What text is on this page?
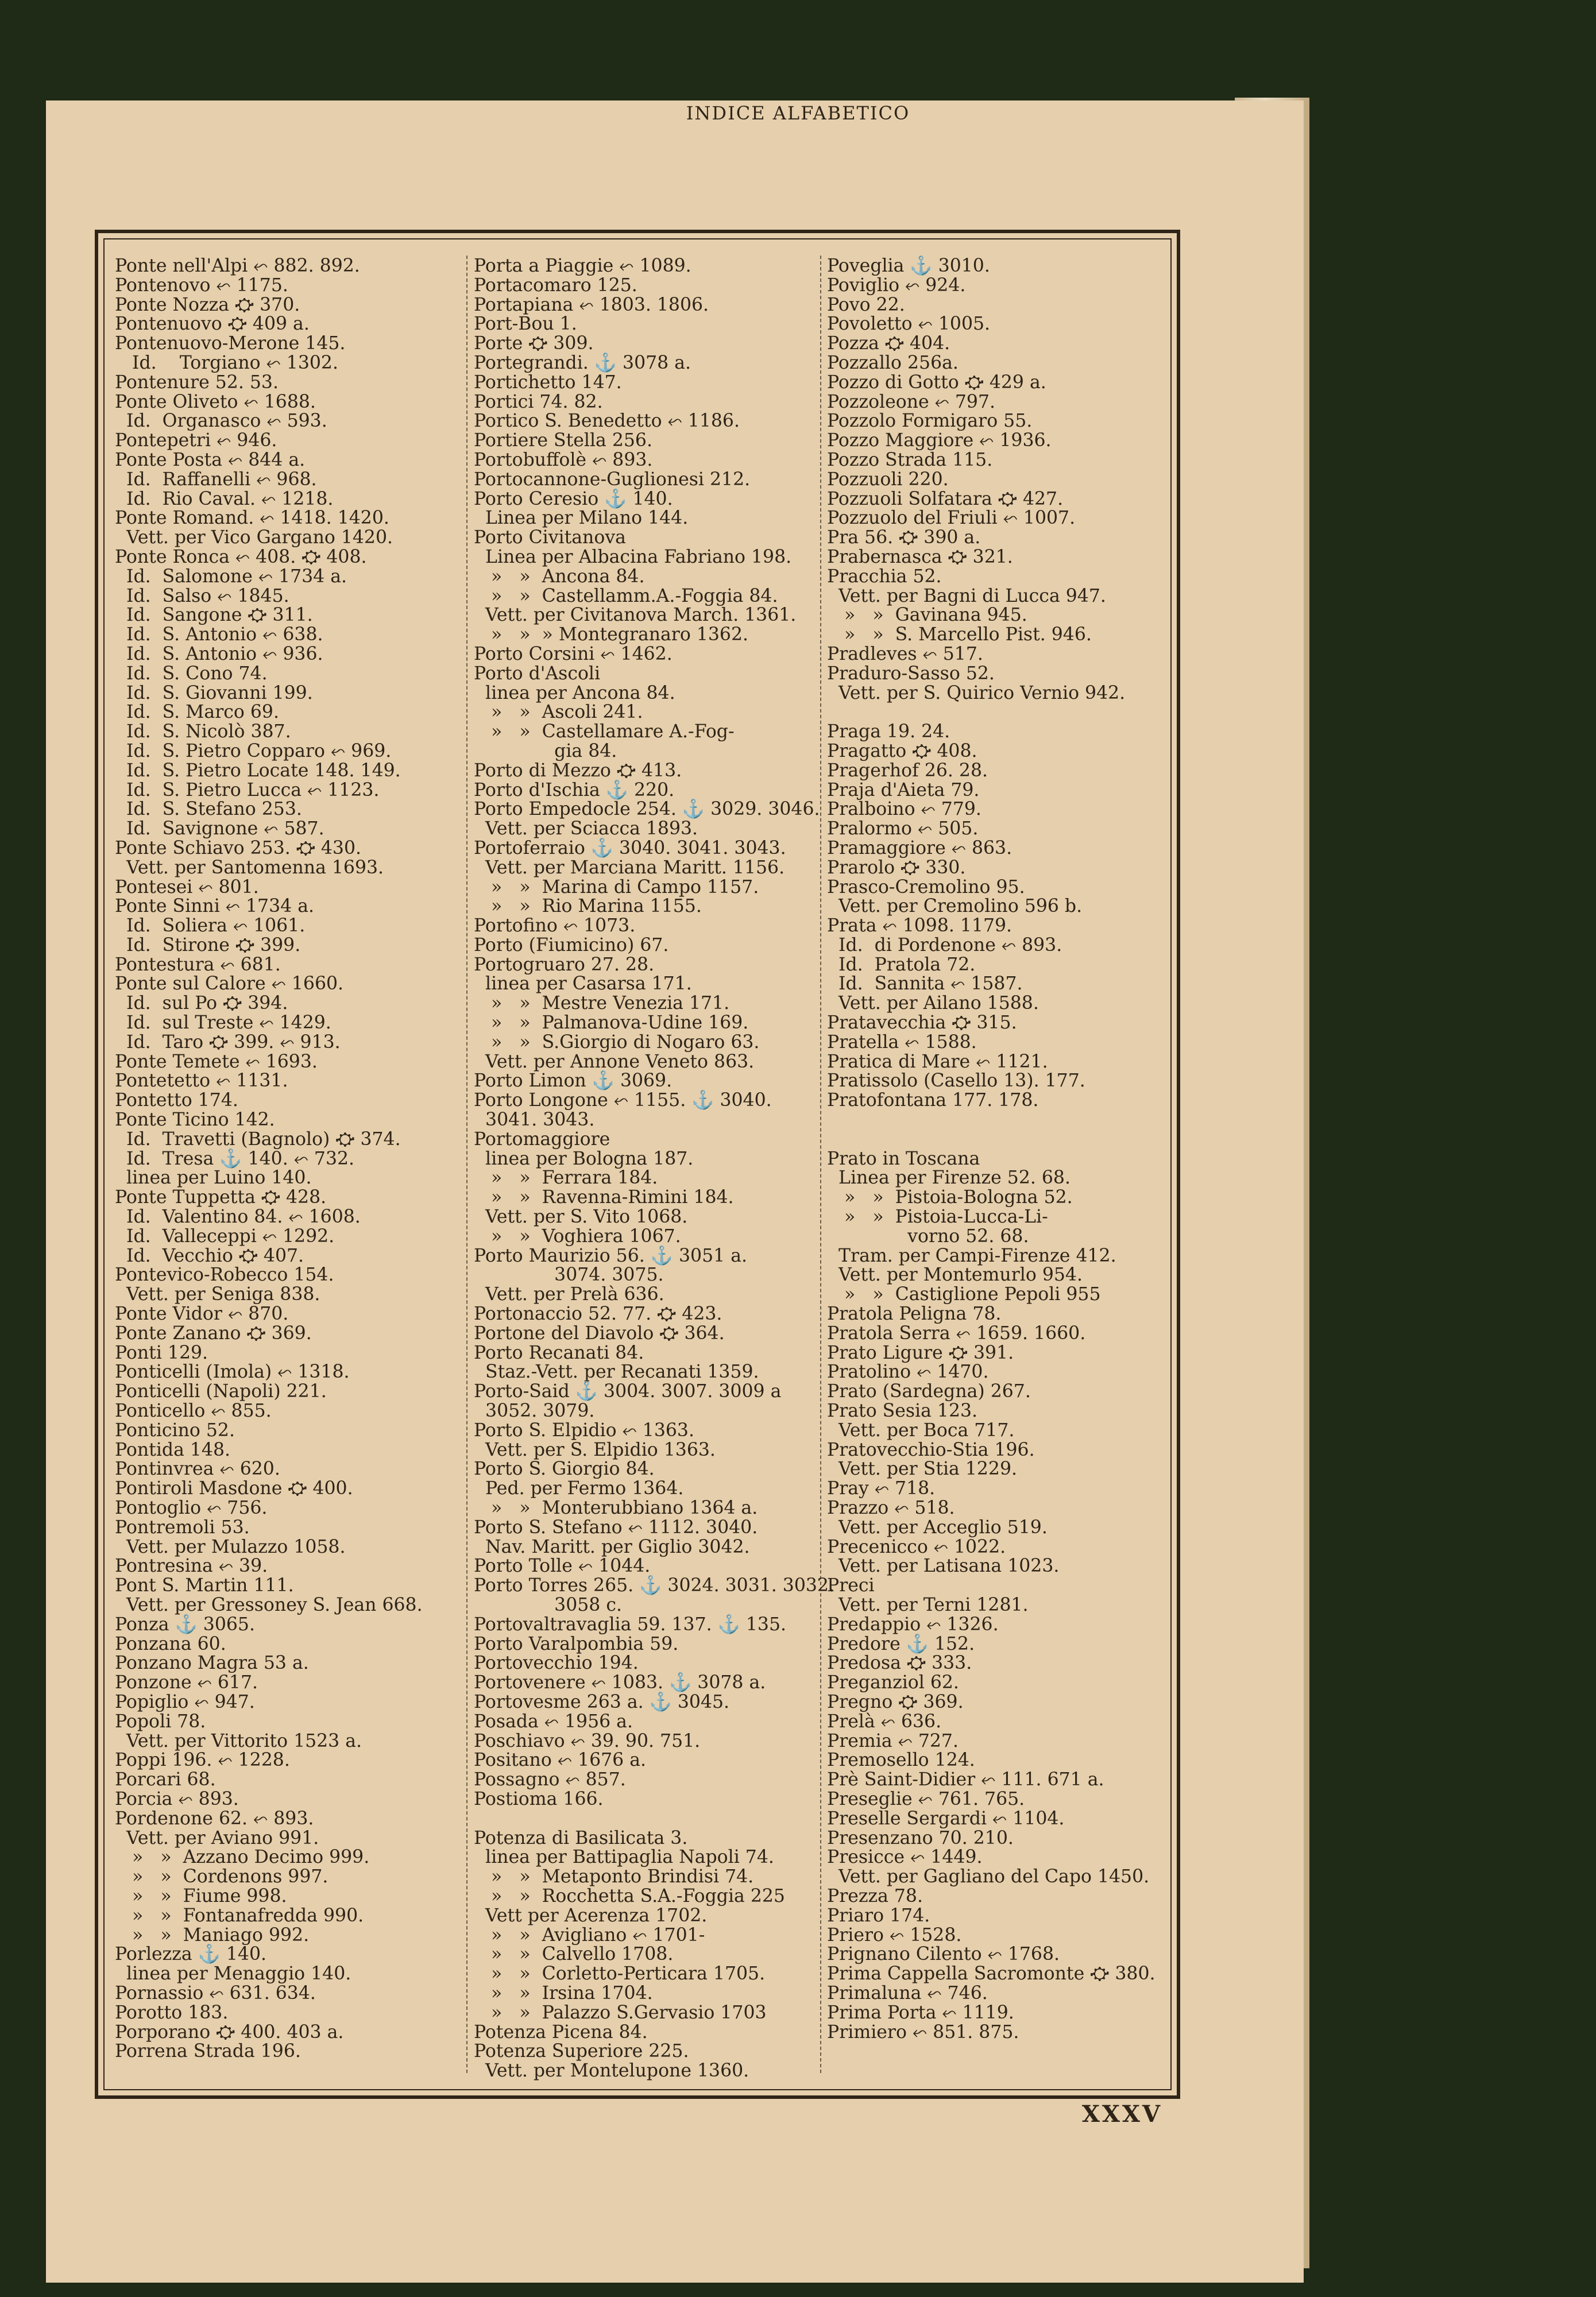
INDICE ALFABETICO
Ponte nell'Alpi ⬿ 882. 892.
Pontenovo ⬿ 1175.
Ponte Nozza ⛮ 370.
Pontenuovo ⛮ 409 a.
Pontenuovo-Merone 145.
Id.    Torgiano ⬿ 1302.
Pontenure 52. 53.
Ponte Oliveto ⬿ 1688.
Id.  Organasco ⬿ 593.
Pontepetri ⬿ 946.
Ponte Posta ⬿ 844 a.
Id.  Raffanelli ⬿ 968.
Id.  Rio Caval. ⬿ 1218.
Ponte Romand. ⬿ 1418. 1420.
Vett. per Vico Gargano 1420.
Ponte Ronca ⬿ 408. ⛮ 408.
Id.  Salomone ⬿ 1734 a.
Id.  Salso ⬿ 1845.
Id.  Sangone ⛮ 311.
Id.  S. Antonio ⬿ 638.
Id.  S. Antonio ⬿ 936.
Id.  S. Cono 74.
Id.  S. Giovanni 199.
Id.  S. Marco 69.
Id.  S. Nicolò 387.
Id.  S. Pietro Copparo ⬿ 969.
Id.  S. Pietro Locate 148. 149.
Id.  S. Pietro Lucca ⬿ 1123.
Id.  S. Stefano 253.
Id.  Savignone ⬿ 587.
Ponte Schiavo 253. ⛮ 430.
Vett. per Santomenna 1693.
Pontesei ⬿ 801.
Ponte Sinni ⬿ 1734 a.
Id.  Soliera ⬿ 1061.
Id.  Stirone ⛮ 399.
Pontestura ⬿ 681.
Ponte sul Calore ⬿ 1660.
Id.  sul Po ⛮ 394.
Id.  sul Treste ⬿ 1429.
Id.  Taro ⛮ 399. ⬿ 913.
Ponte Temete ⬿ 1693.
Pontetetto ⬿ 1131.
Pontetto 174.
Ponte Ticino 142.
Id.  Travetti (Bagnolo) ⛮ 374.
Id.  Tresa ⚓ 140. ⬿ 732.
linea per Luino 140.
Ponte Tuppetta ⛮ 428.
Id.  Valentino 84. ⬿ 1608.
Id.  Valleceppi ⬿ 1292.
Id.  Vecchio ⛮ 407.
Pontevico-Robecco 154.
Vett. per Seniga 838.
Ponte Vidor ⬿ 870.
Ponte Zanano ⛮ 369.
Ponti 129.
Ponticelli (Imola) ⬿ 1318.
Ponticelli (Napoli) 221.
Ponticello ⬿ 855.
Ponticino 52.
Pontida 148.
Pontinvrea ⬿ 620.
Pontiroli Masdone ⛮ 400.
Pontoglio ⬿ 756.
Pontremoli 53.
Vett. per Mulazzo 1058.
Pontresina ⬿ 39.
Pont S. Martin 111.
Vett. per Gressoney S. Jean 668.
Ponza ⚓ 3065.
Ponzana 60.
Ponzano Magra 53 a.
Ponzone ⬿ 617.
Popiglio ⬿ 947.
Popoli 78.
Vett. per Vittorito 1523 a.
Poppi 196. ⬿ 1228.
Porcari 68.
Porcia ⬿ 893.
Pordenone 62. ⬿ 893.
Vett. per Aviano 991.
»   »  Azzano Decimo 999.
»   »  Cordenons 997.
»   »  Fiume 998.
»   »  Fontanafredda 990.
»   »  Maniago 992.
Porlezza ⚓ 140.
linea per Menaggio 140.
Pornassio ⬿ 631. 634.
Porotto 183.
Porporano ⛮ 400. 403 a.
Porrena Strada 196.
Porta a Piaggie ⬿ 1089.
Portacomaro 125.
Portapiana ⬿ 1803. 1806.
Port-Bou 1.
Porte ⛮ 309.
Portegrandi. ⚓ 3078 a.
Portichetto 147.
Portici 74. 82.
Portico S. Benedetto ⬿ 1186.
Portiere Stella 256.
Portobuffolè ⬿ 893.
Portocannone-Guglionesi 212.
Porto Ceresio ⚓ 140.
Linea per Milano 144.
Porto Civitanova
Linea per Albacina Fabriano 198.
»   »  Ancona 84.
»   »  Castellamm.A.-Foggia 84.
Vett. per Civitanova March. 1361.
»   »  » Montegranaro 1362.
Porto Corsini ⬿ 1462.
Porto d'Ascoli
linea per Ancona 84.
»   »  Ascoli 241.
»   »  Castellamare A.-Fog-
gia 84.
Porto di Mezzo ⛮ 413.
Porto d'Ischia ⚓ 220.
Porto Empedocle 254. ⚓ 3029. 3046.
Vett. per Sciacca 1893.
Portoferraio ⚓ 3040. 3041. 3043.
Vett. per Marciana Maritt. 1156.
»   »  Marina di Campo 1157.
»   »  Rio Marina 1155.
Portofino ⬿ 1073.
Porto (Fiumicino) 67.
Portogruaro 27. 28.
linea per Casarsa 171.
»   »  Mestre Venezia 171.
»   »  Palmanova-Udine 169.
»   »  S.Giorgio di Nogaro 63.
Vett. per Annone Veneto 863.
Porto Limon ⚓ 3069.
Porto Longone ⬿ 1155. ⚓ 3040.
3041. 3043.
Portomaggiore
linea per Bologna 187.
»   »  Ferrara 184.
»   »  Ravenna-Rimini 184.
Vett. per S. Vito 1068.
»   »  Voghiera 1067.
Porto Maurizio 56. ⚓ 3051 a.
3074. 3075.
Vett. per Prelà 636.
Portonaccio 52. 77. ⛮ 423.
Portone del Diavolo ⛮ 364.
Porto Recanati 84.
Staz.-Vett. per Recanati 1359.
Porto-Said ⚓ 3004. 3007. 3009 a
3052. 3079.
Porto S. Elpidio ⬿ 1363.
Vett. per S. Elpidio 1363.
Porto S. Giorgio 84.
Ped. per Fermo 1364.
»   »  Monterubbiano 1364 a.
Porto S. Stefano ⬿ 1112. 3040.
Nav. Maritt. per Giglio 3042.
Porto Tolle ⬿ 1044.
Porto Torres 265. ⚓ 3024. 3031. 3032.
3058 c.
Portovaltravaglia 59. 137. ⚓ 135.
Porto Varalpombia 59.
Portovecchio 194.
Portovenere ⬿ 1083. ⚓ 3078 a.
Portovesme 263 a. ⚓ 3045.
Posada ⬿ 1956 a.
Poschiavo ⬿ 39. 90. 751.
Positano ⬿ 1676 a.
Possagno ⬿ 857.
Postioma 166.
Potenza di Basilicata 3.
linea per Battipaglia Napoli 74.
»   »  Metaponto Brindisi 74.
»   »  Rocchetta S.A.-Foggia 225
Vett per Acerenza 1702.
»   »  Avigliano ⬿ 1701-
»   »  Calvello 1708.
»   »  Corletto-Perticara 1705.
»   »  Irsina 1704.
»   »  Palazzo S.Gervasio 1703
Potenza Picena 84.
Potenza Superiore 225.
Vett. per Montelupone 1360.
Poveglia ⚓ 3010.
Poviglio ⬿ 924.
Povo 22.
Povoletto ⬿ 1005.
Pozza ⛮ 404.
Pozzallo 256a.
Pozzo di Gotto ⛮ 429 a.
Pozzoleone ⬿ 797.
Pozzolo Formigaro 55.
Pozzo Maggiore ⬿ 1936.
Pozzo Strada 115.
Pozzuoli 220.
Pozzuoli Solfatara ⛮ 427.
Pozzuolo del Friuli ⬿ 1007.
Pra 56. ⛮ 390 a.
Prabernasca ⛮ 321.
Pracchia 52.
Vett. per Bagni di Lucca 947.
»   »  Gavinana 945.
»   »  S. Marcello Pist. 946.
Pradleves ⬿ 517.
Praduro-Sasso 52.
Vett. per S. Quirico Vernio 942.
Praga 19. 24.
Pragatto ⛮ 408.
Pragerhof 26. 28.
Praja d'Aieta 79.
Pralboino ⬿ 779.
Pralormo ⬿ 505.
Pramaggiore ⬿ 863.
Prarolo ⛮ 330.
Prasco-Cremolino 95.
Vett. per Cremolino 596 b.
Prata ⬿ 1098. 1179.
Id.  di Pordenone ⬿ 893.
Id.  Pratola 72.
Id.  Sannita ⬿ 1587.
Vett. per Ailano 1588.
Pratavecchia ⛮ 315.
Pratella ⬿ 1588.
Pratica di Mare ⬿ 1121.
Pratissolo (Casello 13). 177.
Pratofontana 177. 178.
Prato in Toscana
Linea per Firenze 52. 68.
»   »  Pistoia-Bologna 52.
»   »  Pistoia-Lucca-Li-
vorno 52. 68.
Tram. per Campi-Firenze 412.
Vett. per Montemurlo 954.
»   »  Castiglione Pepoli 955
Pratola Peligna 78.
Pratola Serra ⬿ 1659. 1660.
Prato Ligure ⛮ 391.
Pratolino ⬿ 1470.
Prato (Sardegna) 267.
Prato Sesia 123.
Vett. per Boca 717.
Pratovecchio-Stia 196.
Vett. per Stia 1229.
Pray ⬿ 718.
Prazzo ⬿ 518.
Vett. per Acceglio 519.
Precenicco ⬿ 1022.
Vett. per Latisana 1023.
Preci
Vett. per Terni 1281.
Predappio ⬿ 1326.
Predore ⚓ 152.
Predosa ⛮ 333.
Preganziol 62.
Pregno ⛮ 369.
Prelà ⬿ 636.
Premia ⬿ 727.
Premosello 124.
Prè Saint-Didier ⬿ 111. 671 a.
Preseglie ⬿ 761. 765.
Preselle Sergardi ⬿ 1104.
Presenzano 70. 210.
Presicce ⬿ 1449.
Vett. per Gagliano del Capo 1450.
Prezza 78.
Priaro 174.
Priero ⬿ 1528.
Prignano Cilento ⬿ 1768.
Prima Cappella Sacromonte ⛮ 380.
Primaluna ⬿ 746.
Prima Porta ⬿ 1119.
Primiero ⬿ 851. 875.
XXXV
